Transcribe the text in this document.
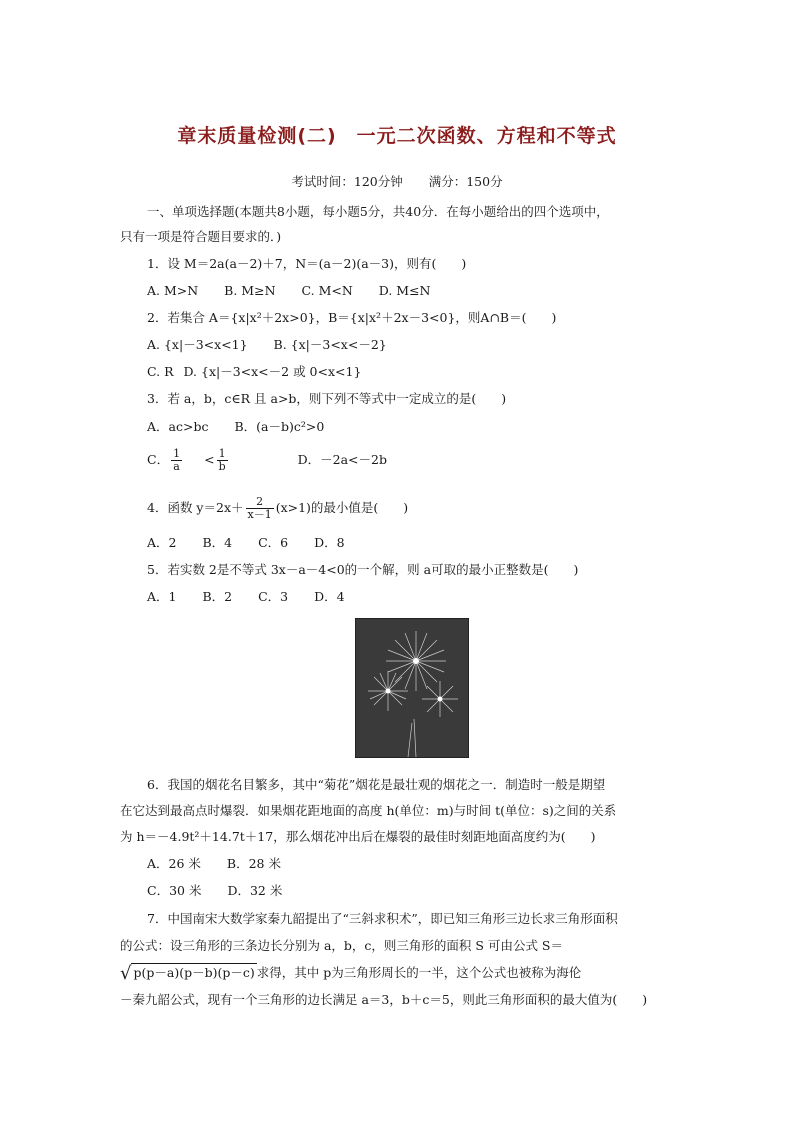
章末质量检测(二)　一元二次函数、方程和不等式
考试时间：120分钟 满分：150分
一、单项选择题(本题共8小题，每小题5分，共40分．在每小题给出的四个选项中，
只有一项是符合题目要求的．)
1．设 M＝2a(a－2)＋7，N＝(a－2)(a－3)，则有(　　)
A. M>N B. M≥N C. M<N D. M≤N
2．若集合 A＝{x|x²＋2x>0}，B＝{x|x²＋2x－3<0}，则A∩B＝(　　)
A. {x|－3<x<1} B. {x|－3<x<－2}
C. R D. {x|－3<x<－2 或 0<x<1}
3．若 a，b，c∈R 且 a>b，则下列不等式中一定成立的是(　　)
A．ac>bc B．(a－b)c²>0
C． $\frac{1}{a} < \frac{1}{b}$	D．－2a<－2b
4．函数 $y=2x+ \frac{2}{x-1} (x>1)$的最小值是(　　)
A．2 B．4 C．6 D．8
5．若实数 2是不等式 3x－a－4<0的一个解，则 a可取的最小正整数是(　　)
A．1 B．2 C．3 D．4
6．我国的烟花名目繁多，其中“菊花”烟花是最壮观的烟花之一．制造时一般是期望
在它达到最高点时爆裂．如果烟花距地面的高度 h(单位：m)与时间 t(单位：s)之间的关系
为 h＝－4.9t²＋14.7t＋17，那么烟花冲出后在爆裂的最佳时刻距地面高度约为(　　)
A．26 米 B．28 米
C．30 米 D．32 米
7．中国南宋大数学家秦九韶提出了“三斜求积术”，即已知三角形三边长求三角形面积
的公式：设三角形的三条边长分别为 a，b，c，则三角形的面积 S 可由公式 S＝
√ p(p－a)(p－b)(p－c) 求得，其中 p为三角形周长的一半，这个公式也被称为海伦
－秦九韶公式，现有一个三角形的边长满足 a＝3，b＋c＝5，则此三角形面积的最大值为(　　)
